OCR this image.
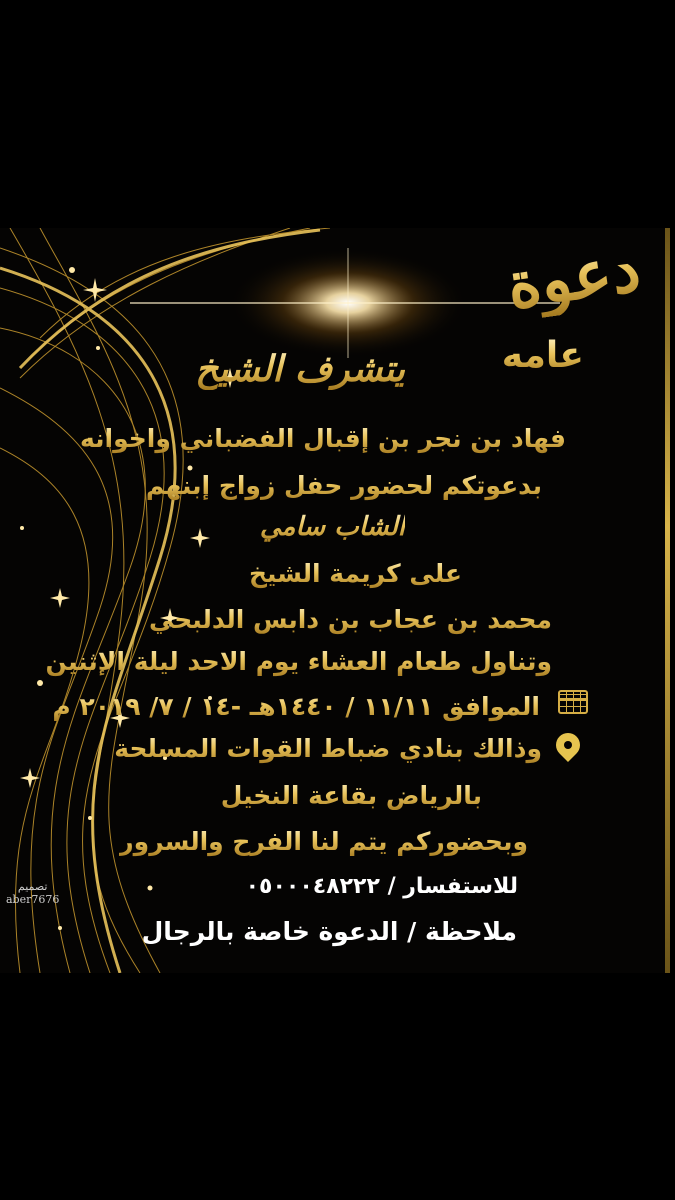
دعوة
عامه
يتشرف الشيخ
فهاد بن نجر بن إقبال الفضباني واخوانه
بدعوتكم لحضور حفل زواج إبنهم
الشاب سامي
على كريمة الشيخ
محمد بن عجاب بن دابس الدلبحي
وتناول طعام العشاء يوم الاحد ليلة الإثنين
الموافق ١١/١١ / ١٤٤٠هـ -١٤ / ٧/ ٢٠١٩ م
وذالك بنادي ضباط القوات المسلحة
بالرياض بقاعة النخيل
وبحضوركم يتم لنا الفرح والسرور
للاستفسار / ٠٥٠٠٠٤٨٢٢٢
ملاحظة / الدعوة خاصة بالرجال
تصميم
aber7676
